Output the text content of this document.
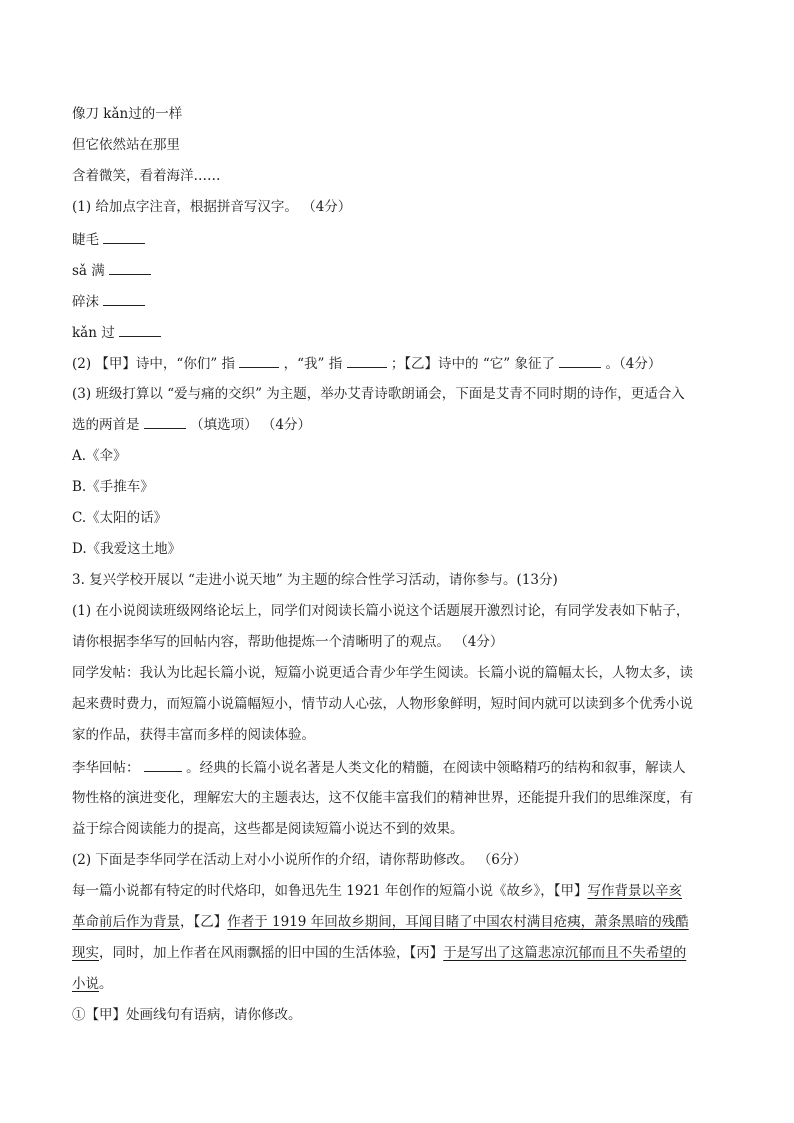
像刀 kǎn过的一样
但它依然站在那里
含着微笑，看着海洋……
(1) 给加点字注音，根据拼音写汉字。 （4分）
睫毛
sǎ 满
碎沫
kǎn 过
(2) 【甲】诗中，“你们” 指	，“我” 指	；【乙】诗中的 “它” 象征了	。（4分）
(3) 班级打算以 “爱与痛的交织” 为主题，举办艾青诗歌朗诵会，下面是艾青不同时期的诗作，更适合入
选的两首是	（填选项） （4分）
A.《伞》
B.《手推车》
C.《太阳的话》
D.《我爱这土地》
3. 复兴学校开展以 “走进小说天地” 为主题的综合性学习活动，请你参与。(13分)
(1) 在小说阅读班级网络论坛上，同学们对阅读长篇小说这个话题展开激烈讨论，有同学发表如下帖子，
请你根据李华写的回帖内容，帮助他提炼一个清晰明了的观点。 （4分）
同学发帖：我认为比起长篇小说，短篇小说更适合青少年学生阅读。长篇小说的篇幅太长，人物太多，读
起来费时费力，而短篇小说篇幅短小，情节动人心弦，人物形象鲜明，短时间内就可以读到多个优秀小说
家的作品，获得丰富而多样的阅读体验。
李华回帖：	。经典的长篇小说名著是人类文化的精髓，在阅读中领略精巧的结构和叙事，解读人
物性格的演进变化，理解宏大的主题表达，这不仅能丰富我们的精神世界，还能提升我们的思维深度，有
益于综合阅读能力的提高，这些都是阅读短篇小说达不到的效果。
(2) 下面是李华同学在活动上对小小说所作的介绍，请你帮助修改。 （6分）
每一篇小说都有特定的时代烙印，如鲁迅先生 1921 年创作的短篇小说《故乡》，【甲】写作背景以辛亥
革命前后作为背景，【乙】作者于 1919 年回故乡期间，耳闻目睹了中国农村满目疮痍，萧条黑暗的残酷
现实，同时，加上作者在风雨飘摇的旧中国的生活体验，【丙】于是写出了这篇悲凉沉郁而且不失希望的
小说。
①【甲】处画线句有语病，请你修改。
